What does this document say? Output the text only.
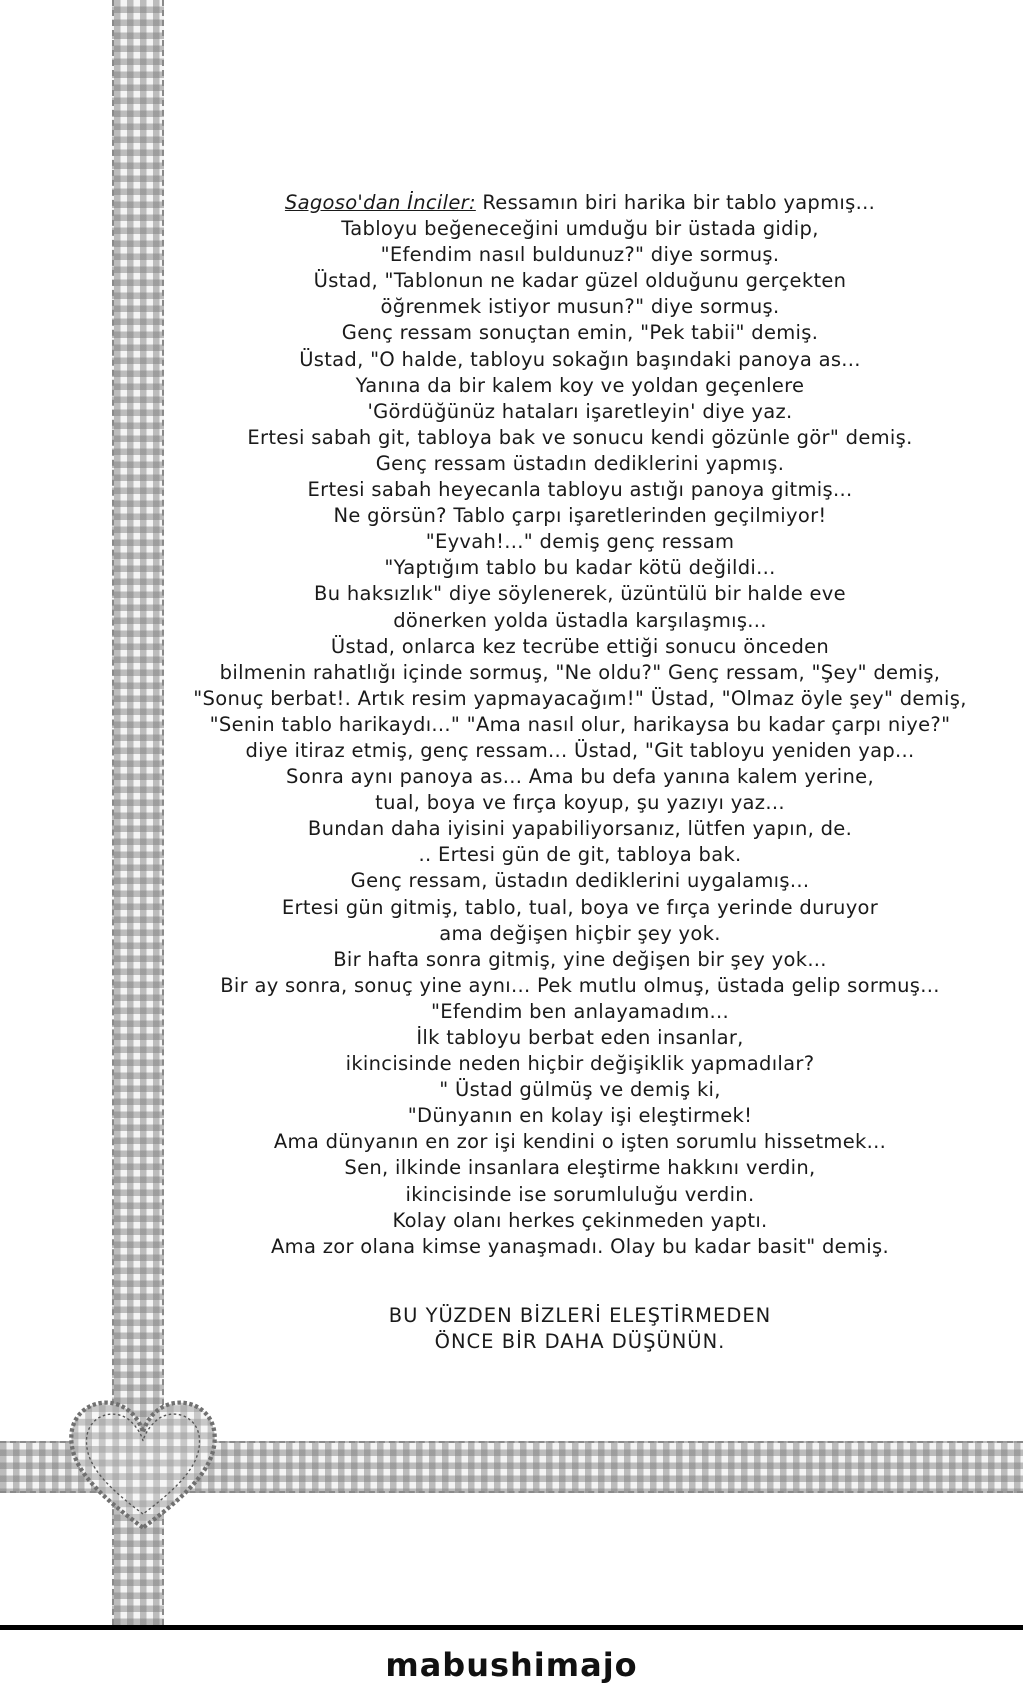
Sagoso'dan İnciler: Ressamın biri harika bir tablo yapmış...
Tabloyu beğeneceğini umduğu bir üstada gidip,
"Efendim nasıl buldunuz?" diye sormuş.
Üstad, "Tablonun ne kadar güzel olduğunu gerçekten
öğrenmek istiyor musun?" diye sormuş.
Genç ressam sonuçtan emin, "Pek tabii" demiş.
Üstad, "O halde, tabloyu sokağın başındaki panoya as...
Yanına da bir kalem koy ve yoldan geçenlere
'Gördüğünüz hataları işaretleyin' diye yaz.
Ertesi sabah git, tabloya bak ve sonucu kendi gözünle gör" demiş.
Genç ressam üstadın dediklerini yapmış.
Ertesi sabah heyecanla tabloyu astığı panoya gitmiş...
Ne görsün? Tablo çarpı işaretlerinden geçilmiyor!
"Eyvah!..." demiş genç ressam
"Yaptığım tablo bu kadar kötü değildi...
Bu haksızlık" diye söylenerek, üzüntülü bir halde eve
dönerken yolda üstadla karşılaşmış...
Üstad, onlarca kez tecrübe ettiği sonucu önceden
bilmenin rahatlığı içinde sormuş, "Ne oldu?" Genç ressam, "Şey" demiş,
"Sonuç berbat!. Artık resim yapmayacağım!" Üstad, "Olmaz öyle şey" demiş,
"Senin tablo harikaydı..." "Ama nasıl olur, harikaysa bu kadar çarpı niye?"
diye itiraz etmiş, genç ressam... Üstad, "Git tabloyu yeniden yap...
Sonra aynı panoya as... Ama bu defa yanına kalem yerine,
tual, boya ve fırça koyup, şu yazıyı yaz...
Bundan daha iyisini yapabiliyorsanız, lütfen yapın, de.
.. Ertesi gün de git, tabloya bak.
Genç ressam, üstadın dediklerini uygalamış...
Ertesi gün gitmiş, tablo, tual, boya ve fırça yerinde duruyor
ama değişen hiçbir şey yok.
Bir hafta sonra gitmiş, yine değişen bir şey yok...
Bir ay sonra, sonuç yine aynı... Pek mutlu olmuş, üstada gelip sormuş...
"Efendim ben anlayamadım...
İlk tabloyu berbat eden insanlar,
ikincisinde neden hiçbir değişiklik yapmadılar?
" Üstad gülmüş ve demiş ki,
"Dünyanın en kolay işi eleştirmek!
Ama dünyanın en zor işi kendini o işten sorumlu hissetmek...
Sen, ilkinde insanlara eleştirme hakkını verdin,
ikincisinde ise sorumluluğu verdin.
Kolay olanı herkes çekinmeden yaptı.
Ama zor olana kimse yanaşmadı. Olay bu kadar basit" demiş.
BU YÜZDEN BİZLERİ ELEŞTİRMEDEN
ÖNCE BİR DAHA DÜŞÜNÜN.
mabushimajo
